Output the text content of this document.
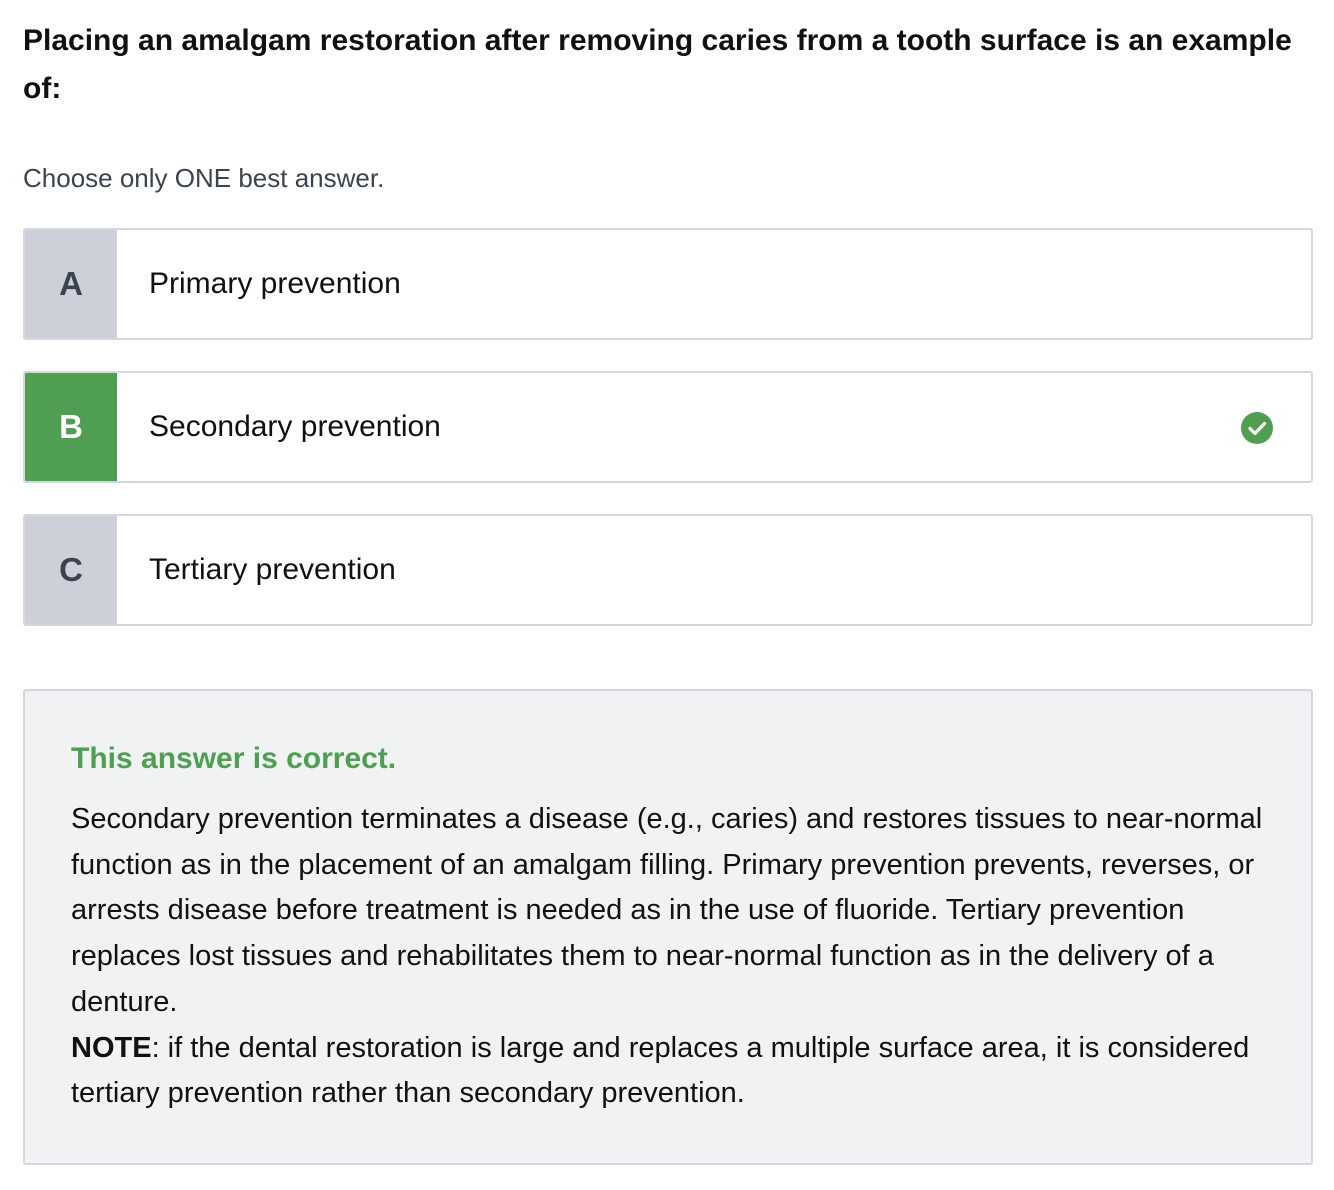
Placing an amalgam restoration after removing caries from a tooth surface is an example of:

Choose only ONE best answer.

A	Primary prevention
B	Secondary prevention
C	Tertiary prevention

This answer is correct.

Secondary prevention terminates a disease (e.g., caries) and restores tissues to near-normal function as in the placement of an amalgam filling. Primary prevention prevents, reverses, or arrests disease before treatment is needed as in the use of fluoride. Tertiary prevention replaces lost tissues and rehabilitates them to near-normal function as in the delivery of a denture.
NOTE: if the dental restoration is large and replaces a multiple surface area, it is considered tertiary prevention rather than secondary prevention.
